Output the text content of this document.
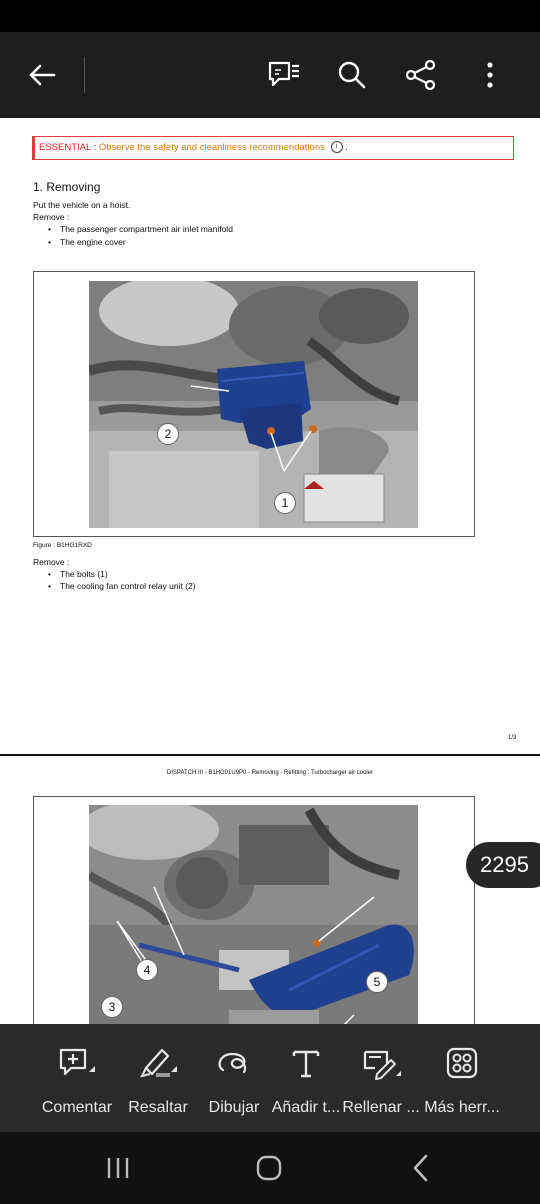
ESSENTIAL : Observe the safety and cleanliness recommendations i .
1. Removing
Put the vehicle on a hoist.
Remove :
• The passenger compartment air inlet manifold
• The engine cover
2
1
Figure : B1HG1RXD
Remove :
• The bolts (1)
• The cooling fan control relay unit (2)
1/3
DISPATCH III - B1HG01U9P0 - Removing - Refitting : Turbocharger air cooler
4
3
5
2295
Comentar	Resaltar	Dibujar Añadir t... Rellenar ... Más herr...
